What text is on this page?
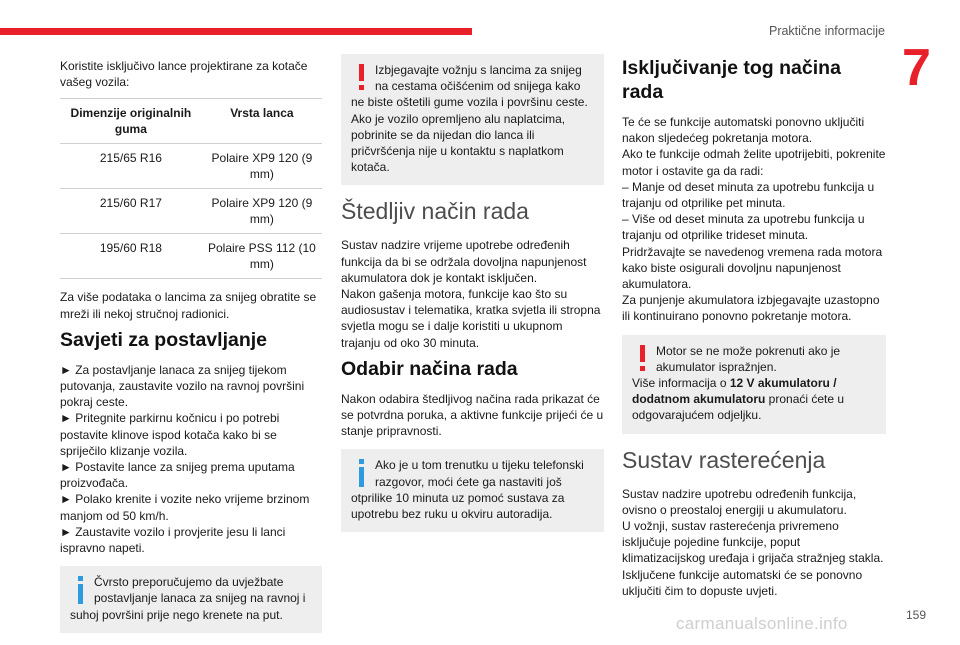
Praktične informacije
7

Koristite isključivo lance projektirane za kotače vašeg vozila:

Dimenzije originalnih guma	Vrsta lanca
215/65 R16	Polaire XP9 120 (9 mm)
215/60 R17	Polaire XP9 120 (9 mm)
195/60 R18	Polaire PSS 112 (10 mm)

Za više podataka o lancima za snijeg obratite se mreži ili nekoj stručnoj radionici.

Savjeti za postavljanje

► Za postavljanje lanaca za snijeg tijekom putovanja, zaustavite vozilo na ravnoj površini pokraj ceste.

► Pritegnite parkirnu kočnicu i po potrebi postavite klinove ispod kotača kako bi se spriječilo klizanje vozila.

► Postavite lance za snijeg prema uputama proizvođača.

► Polako krenite i vozite neko vrijeme brzinom manjom od 50 km/h.

► Zaustavite vozilo i provjerite jesu li lanci ispravno napeti.

Čvrsto preporučujemo da uvježbate postavljanje lanaca za snijeg na ravnoj i suhoj površini prije nego krenete na put.

Izbjegavajte vožnju s lancima za snijeg na cestama očišćenim od snijega kako ne biste oštetili gume vozila i površinu ceste. Ako je vozilo opremljeno alu naplatcima, pobrinite se da nijedan dio lanca ili pričvršćenja nije u kontaktu s naplatkom kotača.

Štedljiv način rada

Sustav nadzire vrijeme upotrebe određenih funkcija da bi se održala dovoljna napunjenost akumulatora dok je kontakt isključen.

Nakon gašenja motora, funkcije kao što su audiosustav i telematika, kratka svjetla ili stropna svjetla mogu se i dalje koristiti u ukupnom trajanju od oko 30 minuta.

Odabir načina rada

Nakon odabira štedljivog načina rada prikazat će se potvrdna poruka, a aktivne funkcije prijeći će u stanje pripravnosti.

Ako je u tom trenutku u tijeku telefonski razgovor, moći ćete ga nastaviti još otprilike 10 minuta uz pomoć sustava za upotrebu bez ruku u okviru autoradija.

Isključivanje tog načina rada

Te će se funkcije automatski ponovno uključiti nakon sljedećeg pokretanja motora.

Ako te funkcije odmah želite upotrijebiti, pokrenite motor i ostavite ga da radi:

– Manje od deset minuta za upotrebu funkcija u trajanju od otprilike pet minuta.

– Više od deset minuta za upotrebu funkcija u trajanju od otprilike trideset minuta.

Pridržavajte se navedenog vremena rada motora kako biste osigurali dovoljnu napunjenost akumulatora.

Za punjenje akumulatora izbjegavajte uzastopno ili kontinuirano ponovno pokretanje motora.

Motor se ne može pokrenuti ako je akumulator ispražnjen.

Više informacija o 12 V akumulatoru / dodatnom akumulatoru pronaći ćete u odgovarajućem odjeljku.

Sustav rasterećenja

Sustav nadzire upotrebu određenih funkcija, ovisno o preostaloj energiji u akumulatoru.

U vožnji, sustav rasterećenja privremeno isključuje pojedine funkcije, poput klimatizacijskog uređaja i grijača stražnjeg stakla.

Isključene funkcije automatski će se ponovno uključiti čim to dopuste uvjeti.

159
carmanualsonline.info
